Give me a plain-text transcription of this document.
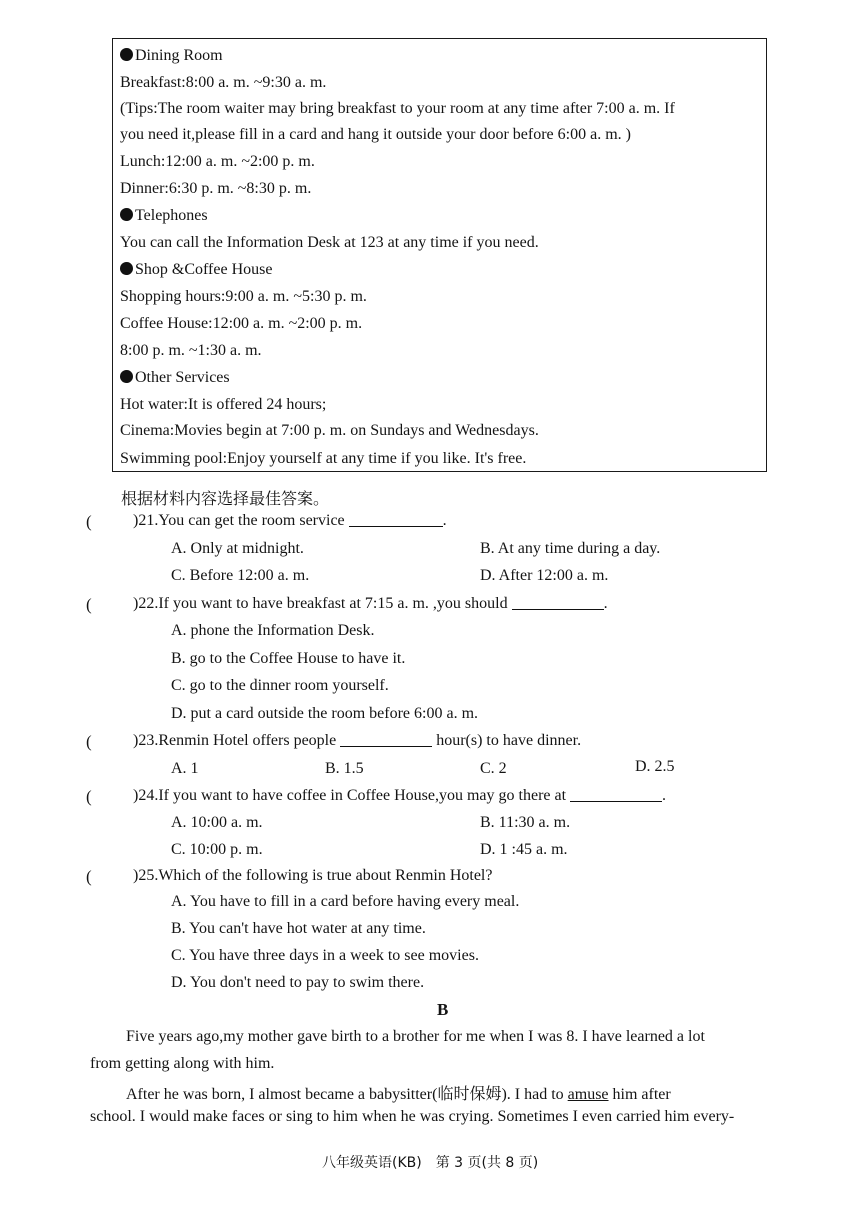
Dining Room
Breakfast:8:00 a. m. ~9:30 a. m.
(Tips:The room waiter may bring breakfast to your room at any time after 7:00 a. m. If
you need it,please fill in a card and hang it outside your door before 6:00 a. m. )
Lunch:12:00 a. m. ~2:00 p. m.
Dinner:6:30 p. m. ~8:30 p. m.
Telephones
You can call the Information Desk at 123 at any time if you need.
Shop &Coffee House
Shopping hours:9:00 a. m. ~5:30 p. m.
Coffee House:12:00 a. m. ~2:00 p. m.
8:00 p. m. ~1:30 a. m.
Other Services
Hot water:It is offered 24 hours;
Cinema:Movies begin at 7:00 p. m. on Sundays and Wednesdays.
Swimming pool:Enjoy yourself at any time if you like. It's free.
根据材料内容选择最佳答案。
(	)21.You can get the room service	.
A. Only at midnight.	B. At any time during a day.
C. Before 12:00 a. m.	D. After 12:00 a. m.
(	)22.If you want to have breakfast at 7:15 a. m. ,you should	.
A. phone the Information Desk.
B. go to the Coffee House to have it.
C. go to the dinner room yourself.
D. put a card outside the room before 6:00 a. m.
(	)23.Renmin Hotel offers people	hour(s) to have dinner.
A. 1	B. 1.5	C. 2	D. 2.5
(	)24.If you want to have coffee in Coffee House,you may go there at	.
A. 10:00 a. m.	B. 11:30 a. m.
C. 10:00 p. m.	D. 1 :45 a. m.
(	)25.Which of the following is true about Renmin Hotel?
A. You have to fill in a card before having every meal.
B. You can't have hot water at any time.
C. You have three days in a week to see movies.
D. You don't need to pay to swim there.
B
Five years ago,my mother gave birth to a brother for me when I was 8. I have learned a lot
from getting along with him.
After he was born, I almost became a babysitter(临时保姆). I had to amuse him after
school. I would make faces or sing to him when he was crying. Sometimes I even carried him every-
八年级英语(KB)　第 3 页(共 8 页)
